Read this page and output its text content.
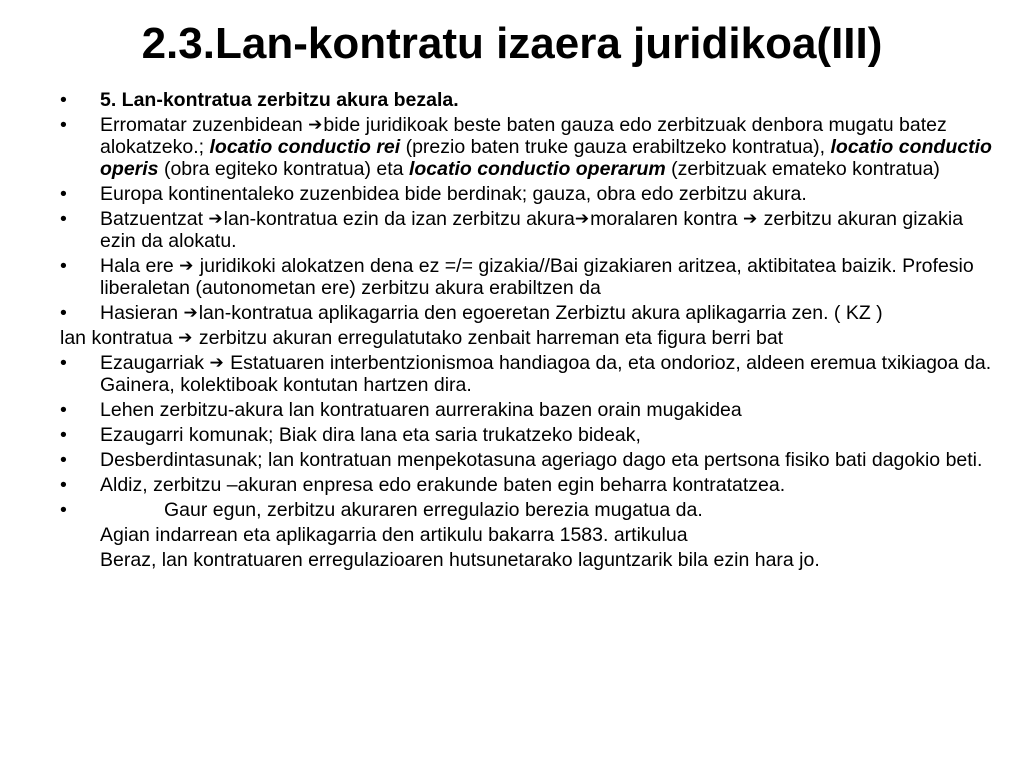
2.3.Lan-kontratu izaera juridikoa(III)
• 5. Lan-kontratua zerbitzu akura bezala.
• Erromatar zuzenbidean ➔bide juridikoak beste baten gauza edo zerbitzuak denbora mugatu batez alokatzeko.; locatio conductio rei (prezio baten truke gauza erabiltzeko kontratua), locatio conductio operis (obra egiteko kontratua) eta locatio conductio operarum (zerbitzuak emateko kontratua)
• Europa kontinentaleko zuzenbidea bide berdinak; gauza, obra edo zerbitzu akura.
• Batzuentzat ➔lan-kontratua ezin da izan zerbitzu akura➔moralaren kontra ➔ zerbitzu akuran gizakia ezin da alokatu.
• Hala ere ➔ juridikoki alokatzen dena ez =/= gizakia//Bai gizakiaren aritzea, aktibitatea baizik. Profesio liberaletan (autonometan ere) zerbitzu akura erabiltzen da
• Hasieran ➔lan-kontratua aplikagarria den egoeretan Zerbiztu akura aplikagarria zen. ( KZ )
lan kontratua ➔ zerbitzu akuran erregulatutako zenbait harreman eta figura berri bat
• Ezaugarriak ➔ Estatuaren interbentzionismoa handiagoa da, eta ondorioz, aldeen eremua txikiagoa da. Gainera, kolektiboak kontutan hartzen dira.
• Lehen zerbitzu-akura lan kontratuaren aurrerakina bazen orain mugakidea
• Ezaugarri komunak; Biak dira lana eta saria trukatzeko bideak,
• Desberdintasunak; lan kontratuan menpekotasuna ageriago dago eta pertsona fisiko bati dagokio beti.
• Aldiz, zerbitzu –akuran enpresa edo erakunde baten egin beharra kontratatzea.
• Gaur egun, zerbitzu akuraren erregulazio berezia mugatua da.
Agian indarrean eta aplikagarria den artikulu bakarra 1583. artikulua
Beraz, lan kontratuaren erregulazioaren hutsunetarako laguntzarik bila ezin hara jo.
